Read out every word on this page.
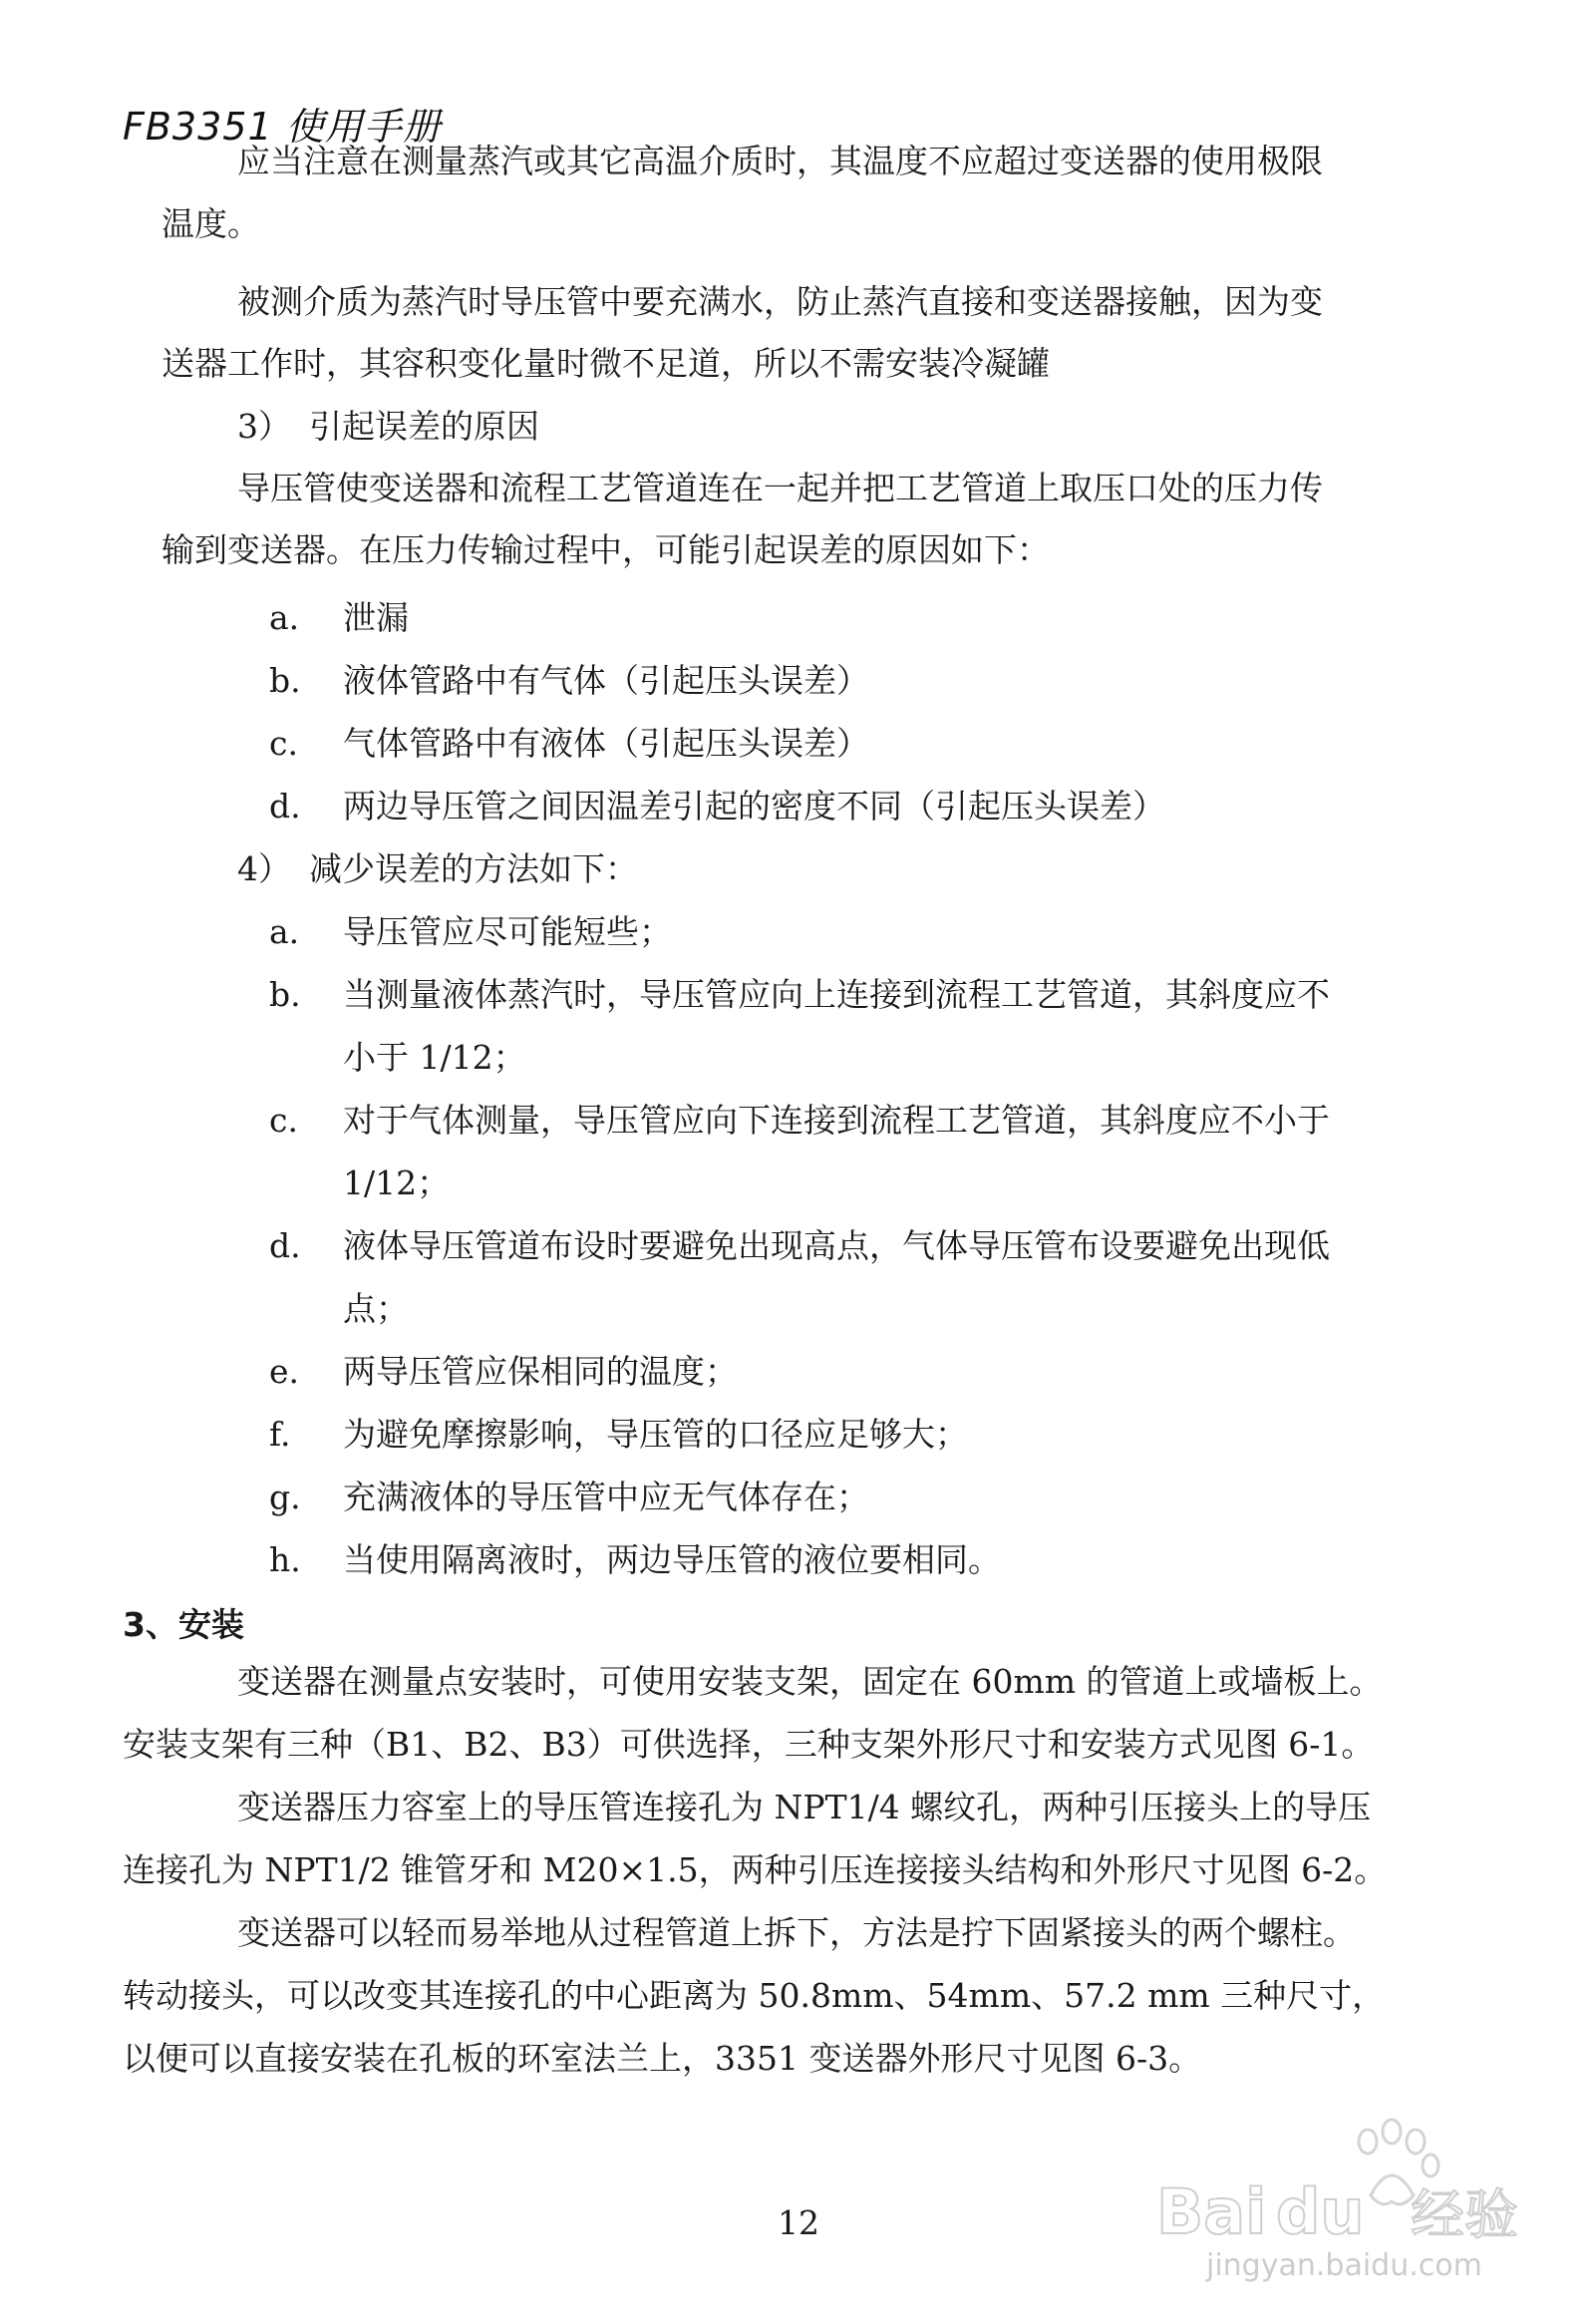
FB3351 使用手册
应当注意在测量蒸汽或其它高温介质时，其温度不应超过变送器的使用极限
温度。
被测介质为蒸汽时导压管中要充满水，防止蒸汽直接和变送器接触，因为变
送器工作时，其容积变化量时微不足道，所以不需安装冷凝罐
3） 引起误差的原因
导压管使变送器和流程工艺管道连在一起并把工艺管道上取压口处的压力传
输到变送器。在压力传输过程中，可能引起误差的原因如下：
a. 泄漏
b. 液体管路中有气体（引起压头误差）
c. 气体管路中有液体（引起压头误差）
d. 两边导压管之间因温差引起的密度不同（引起压头误差）
4） 减少误差的方法如下：
a. 导压管应尽可能短些；
b. 当测量液体蒸汽时，导压管应向上连接到流程工艺管道，其斜度应不
小于 1/12；
c. 对于气体测量，导压管应向下连接到流程工艺管道，其斜度应不小于
1/12；
d. 液体导压管道布设时要避免出现高点，气体导压管布设要避免出现低
点；
e. 两导压管应保相同的温度；
f. 为避免摩擦影响，导压管的口径应足够大；
g. 充满液体的导压管中应无气体存在；
h. 当使用隔离液时，两边导压管的液位要相同。
3、安装
变送器在测量点安装时，可使用安装支架，固定在 60mm 的管道上或墙板上。
安装支架有三种（B1、B2、B3）可供选择，三种支架外形尺寸和安装方式见图 6-1。
变送器压力容室上的导压管连接孔为 NPT1/4 螺纹孔，两种引压接头上的导压
连接孔为 NPT1/2 锥管牙和 M20×1.5，两种引压连接接头结构和外形尺寸见图 6-2。
变送器可以轻而易举地从过程管道上拆下，方法是拧下固紧接头的两个螺柱。
转动接头，可以改变其连接孔的中心距离为 50.8mm、54mm、57.2 mm 三种尺寸，
以便可以直接安装在孔板的环室法兰上，3351 变送器外形尺寸见图 6-3。
12	Bai du 经验
jingyan.baidu.com
